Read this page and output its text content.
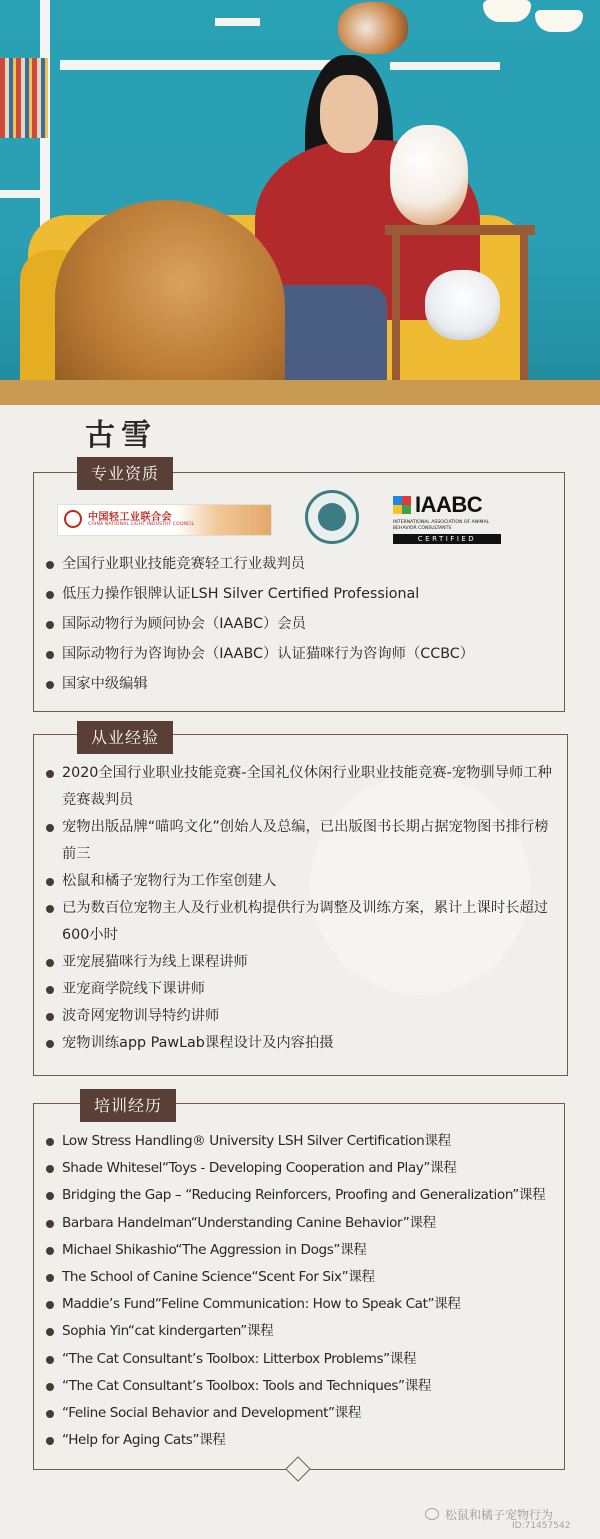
古雪
专业资质
中国轻工业联合会
CHINA NATIONAL LIGHT INDUSTRY COUNCIL
IAABC
INTERNATIONAL ASSOCIATION OF ANIMAL BEHAVIOR CONSULTANTS
CERTIFIED
全国行业职业技能竞赛轻工行业裁判员
低压力操作银牌认证LSH Silver Certified Professional
国际动物行为顾问协会（IAABC）会员
国际动物行为咨询协会（IAABC）认证猫咪行为咨询师（CCBC）
国家中级编辑
从业经验
2020全国行业职业技能竞赛-全国礼仪休闲行业职业技能竞赛-宠物驯导师工种竞赛裁判员
宠物出版品牌“喵呜文化”创始人及总编，已出版图书长期占据宠物图书排行榜前三
松鼠和橘子宠物行为工作室创建人
已为数百位宠物主人及行业机构提供行为调整及训练方案，累计上课时长超过600小时
亚宠展猫咪行为线上课程讲师
亚宠商学院线下课讲师
波奇网宠物训导特约讲师
宠物训练app PawLab课程设计及内容拍摄
培训经历
Low Stress Handling® University LSH Silver Certification课程
Shade Whitesel“Toys - Developing Cooperation and Play”课程
Bridging the Gap – “Reducing Reinforcers, Proofing and Generalization”课程
Barbara Handelman“Understanding Canine Behavior”课程
Michael Shikashio“The Aggression in Dogs”课程
The School of Canine Science“Scent For Six”课程
Maddie’s Fund“Feline Communication: How to Speak Cat”课程
Sophia Yin“cat kindergarten”课程
“The Cat Consultant’s Toolbox: Litterbox Problems”课程
“The Cat Consultant’s Toolbox: Tools and Techniques”课程
“Feline Social Behavior and Development”课程
“Help for Aging Cats”课程
松鼠和橘子宠物行为
ID:71457542
